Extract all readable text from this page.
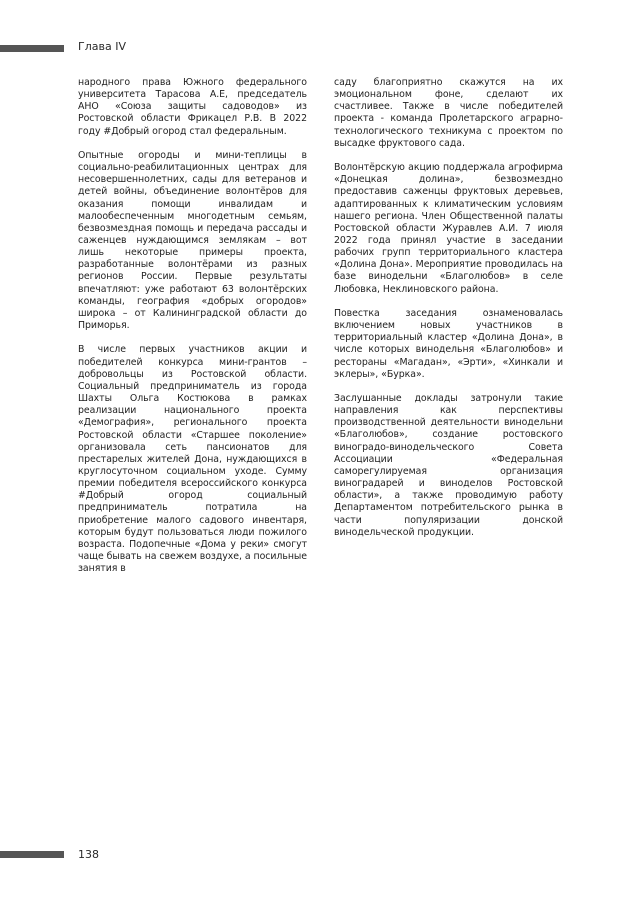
Глава IV

народного права Южного федерального университета Тарасова А.Е, председатель АНО «Союза защиты садоводов» из Ростовской области Фрикацел Р.В. В 2022 году #Добрый огород стал федеральным.

Опытные огороды и мини-теплицы в социально-реабилитационных центрах для несовершеннолетних, сады для ветеранов и детей войны, объединение волонтёров для оказания помощи инвалидам и малообеспеченным многодетным семьям, безвозмездная помощь и передача рассады и саженцев нуждающимся землякам – вот лишь некоторые примеры проекта, разработанные волонтёрами из разных регионов России. Первые результаты впечатляют: уже работают 63 волонтёрских команды, география «добрых огородов» широка – от Калининградской области до Приморья.

В числе первых участников акции и победителей конкурса мини-грантов – добровольцы из Ростовской области. Социальный предприниматель из города Шахты Ольга Костюкова в рамках реализации национального проекта «Демография», регионального проекта Ростовской области «Старшее поколение» организовала сеть пансионатов для престарелых жителей Дона, нуждающихся в круглосуточном социальном уходе. Сумму премии победителя всероссийского конкурса #Добрый огород социальный предприниматель потратила на приобретение малого садового инвентаря, которым будут пользоваться люди пожилого возраста. Подопечные «Дома у реки» смогут чаще бывать на свежем воздухе, а посильные занятия в

саду благоприятно скажутся на их эмоциональном фоне, сделают их счастливее. Также в числе победителей проекта - команда Пролетарского аграрно-технологического техникума с проектом по высадке фруктового сада.

Волонтёрскую акцию поддержала агрофирма «Донецкая долина», безвозмездно предоставив саженцы фруктовых деревьев, адаптированных к климатическим условиям нашего региона. Член Общественной палаты Ростовской области Журавлев А.И. 7 июля 2022 года принял участие в заседании рабочих групп территориального кластера «Долина Дона». Мероприятие проводилась на базе винодельни «Благолюбов» в селе Любовка, Неклиновского района.

Повестка заседания ознаменовалась включением новых участников в территориальный кластер «Долина Дона», в числе которых винодельня «Благолюбов» и рестораны «Магадан», «Эрти», «Хинкали и эклеры», «Бурка».

Заслушанные доклады затронули такие направления как перспективы производственной деятельности винодельни «Благолюбов», создание ростовского виноградо-винодельческого Совета Ассоциации «Федеральная саморегулируемая организация виноградарей и виноделов Ростовской области», а также проводимую работу Департаментом потребительского рынка в части популяризации донской винодельческой продукции.

138
